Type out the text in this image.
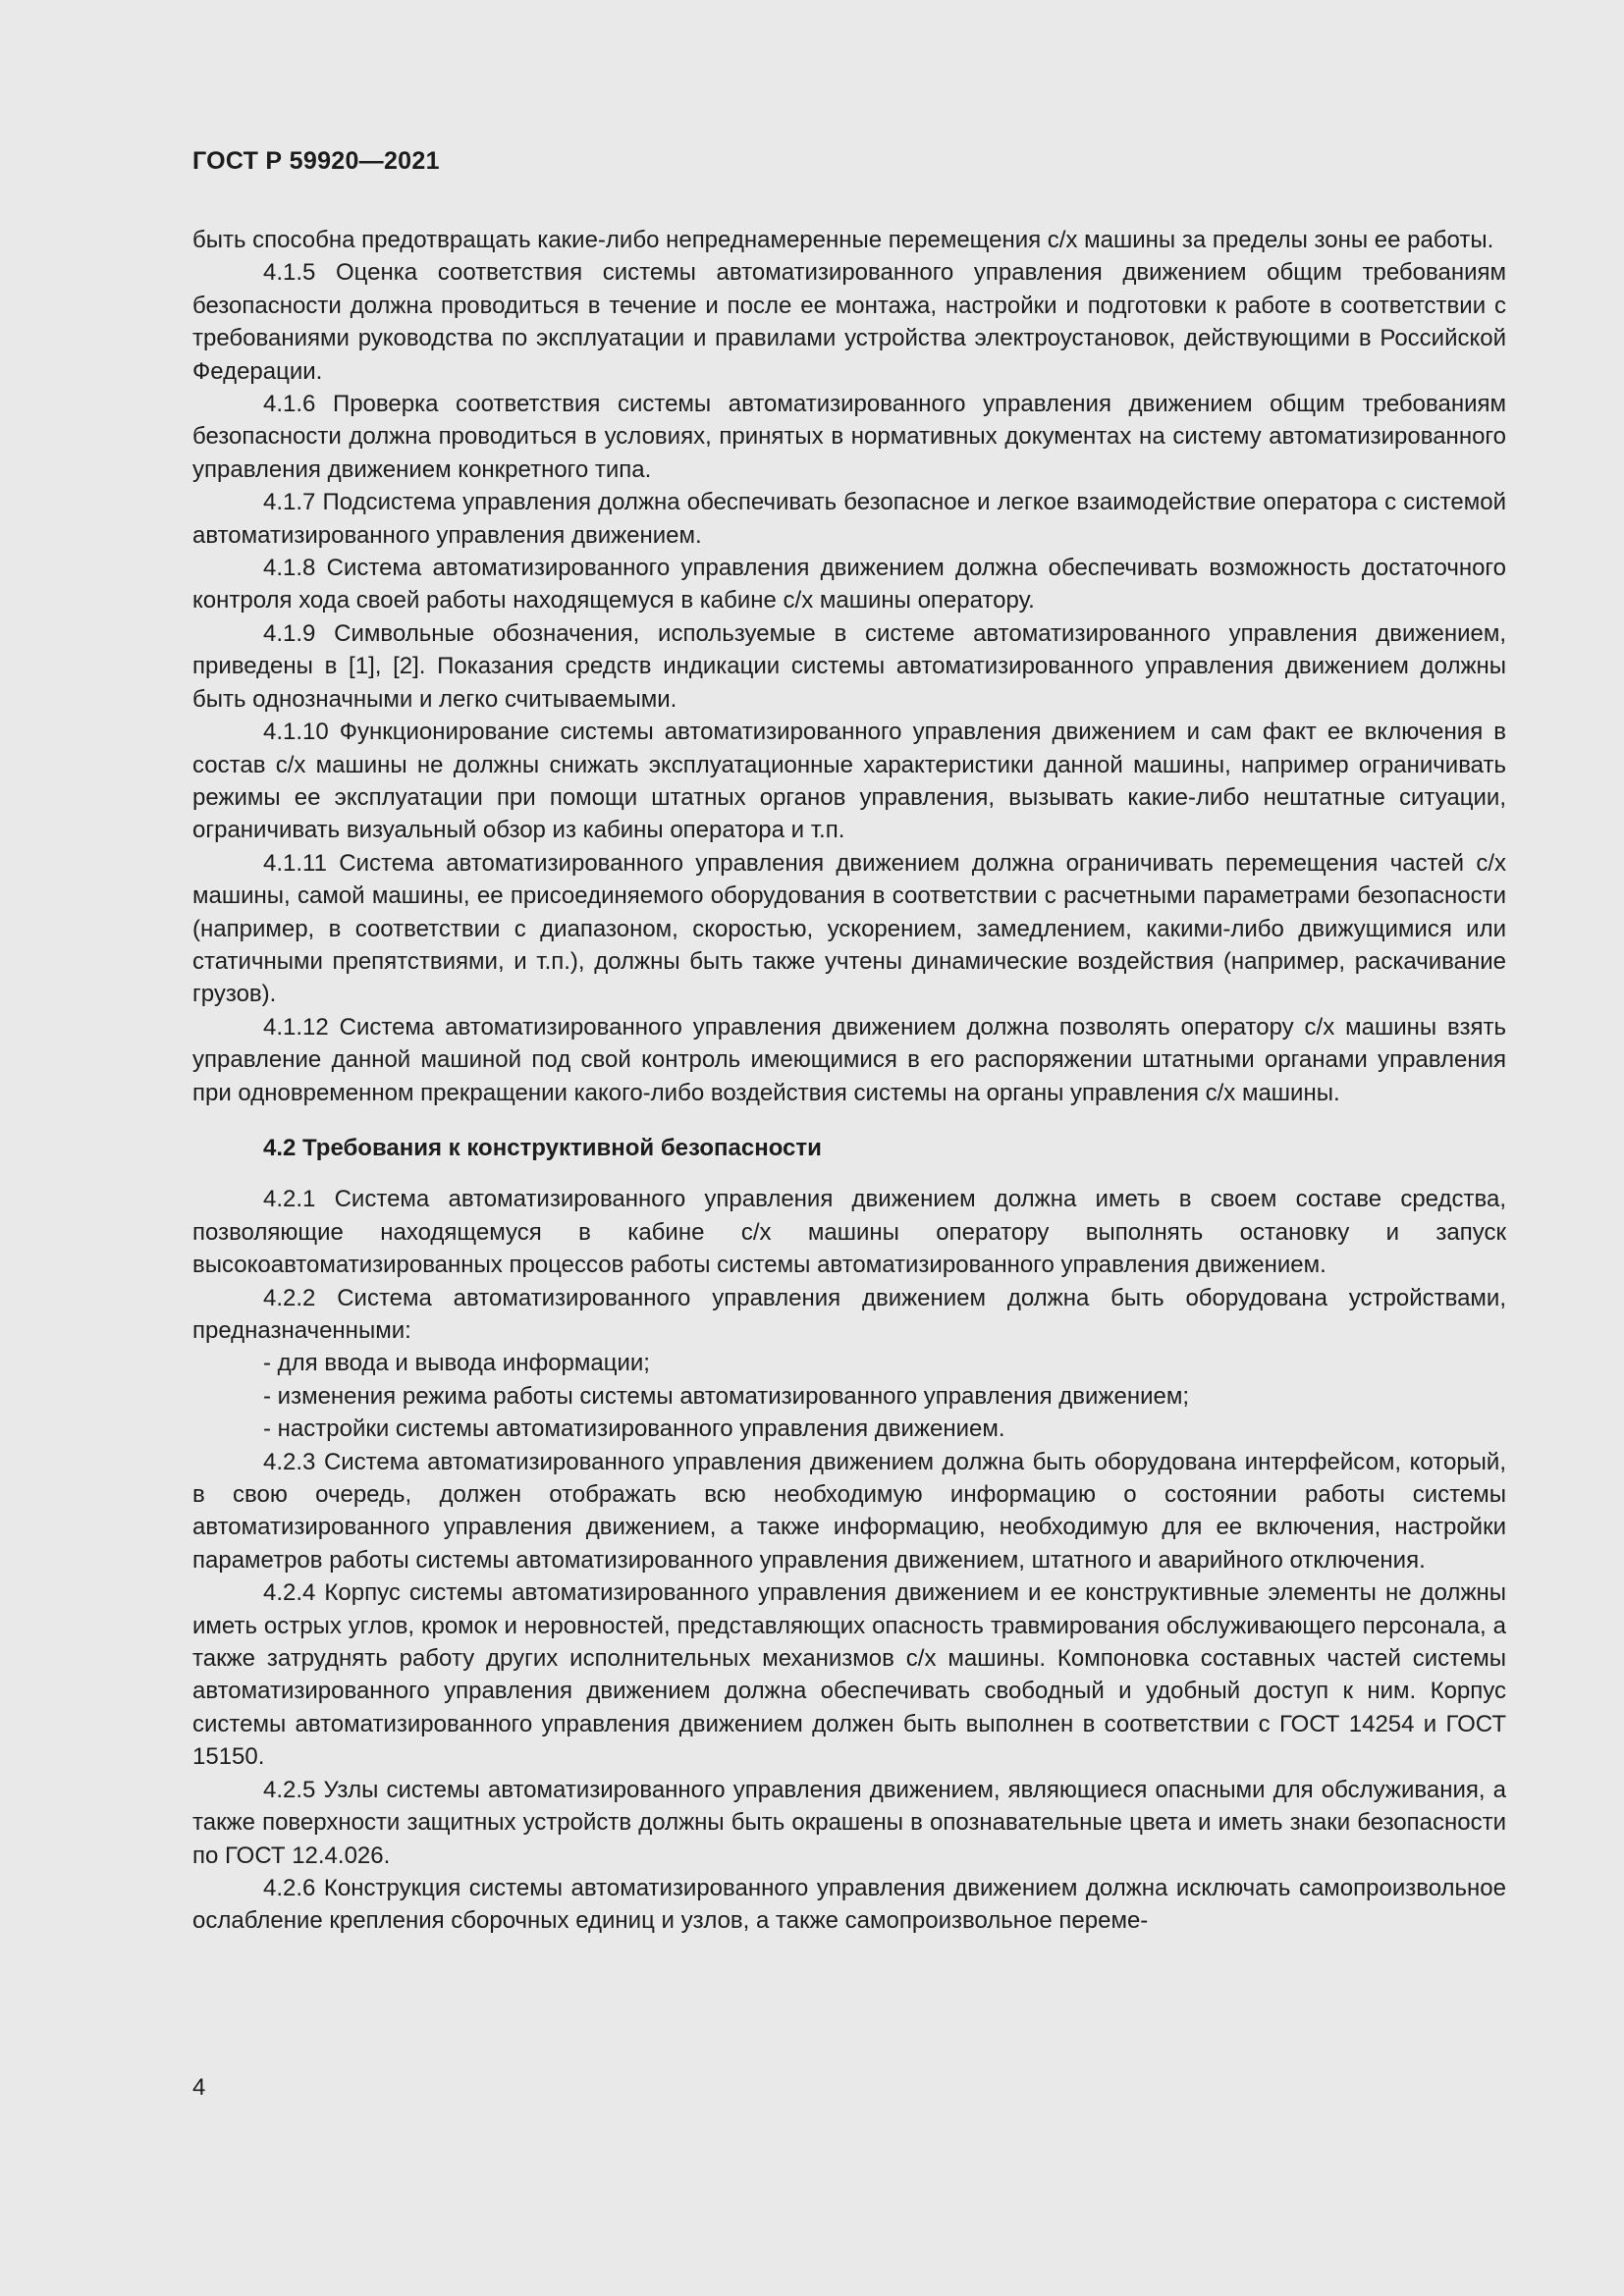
ГОСТ Р 59920—2021

быть способна предотвращать какие-либо непреднамеренные перемещения с/х машины за пределы зоны ее работы.

4.1.5 Оценка соответствия системы автоматизированного управления движением общим требованиям безопасности должна проводиться в течение и после ее монтажа, настройки и подготовки к работе в соответствии с требованиями руководства по эксплуатации и правилами устройства электроустановок, действующими в Российской Федерации.

4.1.6 Проверка соответствия системы автоматизированного управления движением общим требованиям безопасности должна проводиться в условиях, принятых в нормативных документах на систему автоматизированного управления движением конкретного типа.

4.1.7 Подсистема управления должна обеспечивать безопасное и легкое взаимодействие оператора с системой автоматизированного управления движением.

4.1.8 Система автоматизированного управления движением должна обеспечивать возможность достаточного контроля хода своей работы находящемуся в кабине с/х машины оператору.

4.1.9 Символьные обозначения, используемые в системе автоматизированного управления движением, приведены в [1], [2]. Показания средств индикации системы автоматизированного управления движением должны быть однозначными и легко считываемыми.

4.1.10 Функционирование системы автоматизированного управления движением и сам факт ее включения в состав с/х машины не должны снижать эксплуатационные характеристики данной машины, например ограничивать режимы ее эксплуатации при помощи штатных органов управления, вызывать какие-либо нештатные ситуации, ограничивать визуальный обзор из кабины оператора и т.п.

4.1.11 Система автоматизированного управления движением должна ограничивать перемещения частей с/х машины, самой машины, ее присоединяемого оборудования в соответствии с расчетными параметрами безопасности (например, в соответствии с диапазоном, скоростью, ускорением, замедлением, какими-либо движущимися или статичными препятствиями, и т.п.), должны быть также учтены динамические воздействия (например, раскачивание грузов).

4.1.12 Система автоматизированного управления движением должна позволять оператору с/х машины взять управление данной машиной под свой контроль имеющимися в его распоряжении штатными органами управления при одновременном прекращении какого-либо воздействия системы на органы управления с/х машины.

4.2 Требования к конструктивной безопасности

4.2.1 Система автоматизированного управления движением должна иметь в своем составе средства, позволяющие находящемуся в кабине с/х машины оператору выполнять остановку и запуск высокоавтоматизированных процессов работы системы автоматизированного управления движением.

4.2.2 Система автоматизированного управления движением должна быть оборудована устройствами, предназначенными:

- для ввода и вывода информации;

- изменения режима работы системы автоматизированного управления движением;

- настройки системы автоматизированного управления движением.

4.2.3 Система автоматизированного управления движением должна быть оборудована интерфейсом, который, в свою очередь, должен отображать всю необходимую информацию о состоянии работы системы автоматизированного управления движением, а также информацию, необходимую для ее включения, настройки параметров работы системы автоматизированного управления движением, штатного и аварийного отключения.

4.2.4 Корпус системы автоматизированного управления движением и ее конструктивные элементы не должны иметь острых углов, кромок и неровностей, представляющих опасность травмирования обслуживающего персонала, а также затруднять работу других исполнительных механизмов с/х машины. Компоновка составных частей системы автоматизированного управления движением должна обеспечивать свободный и удобный доступ к ним. Корпус системы автоматизированного управления движением должен быть выполнен в соответствии с ГОСТ 14254 и ГОСТ 15150.

4.2.5 Узлы системы автоматизированного управления движением, являющиеся опасными для обслуживания, а также поверхности защитных устройств должны быть окрашены в опознавательные цвета и иметь знаки безопасности по ГОСТ 12.4.026.

4.2.6 Конструкция системы автоматизированного управления движением должна исключать самопроизвольное ослабление крепления сборочных единиц и узлов, а также самопроизвольное переме-

4
